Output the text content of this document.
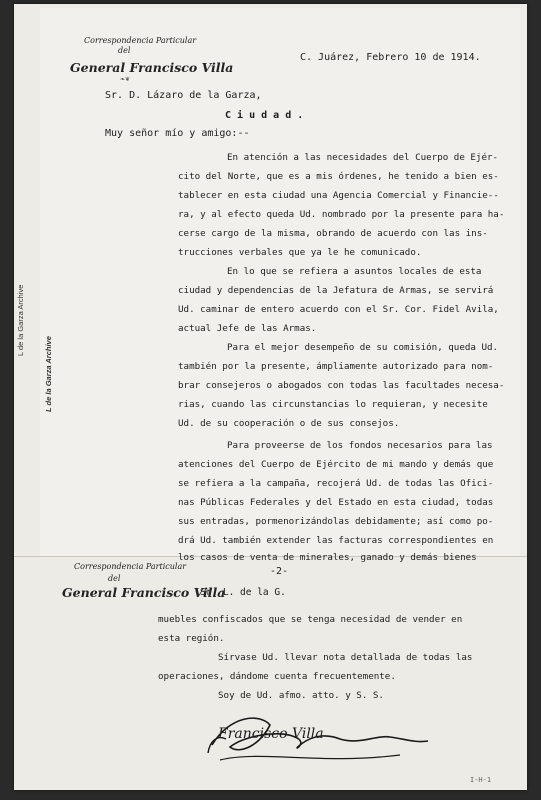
L de la Garza Archive
L de la Garza Archive
Correspondencia Particular
del
General Francisco Villa
❧❦
C. Juárez, Febrero 10 de 1914.
Sr. D. Lázaro de la Garza,
C i u d a d .
Muy señor mío y amigo:--
En atención a las necesidades del Cuerpo de Ejér-
cito del Norte, que es a mis órdenes, he tenido a bien es-
tablecer en esta ciudad una Agencia Comercial y Financie--
ra, y al efecto queda Ud. nombrado por la presente para ha-
cerse cargo de la misma, obrando de acuerdo con las ins-
trucciones verbales que ya le he comunicado.
En lo que se refiera a asuntos locales de esta
ciudad y dependencias de la Jefatura de Armas, se servirá
Ud. caminar de entero acuerdo con el Sr. Cor. Fidel Avila,
actual Jefe de las Armas.
Para el mejor desempeño de su comisión, queda Ud.
también por la presente, ámpliamente autorizado para nom-
brar consejeros o abogados con todas las facultades necesa-
rias, cuando las circunstancias lo requieran, y necesite
Ud. de su cooperación o de sus consejos.
Para proveerse de los fondos necesarios para las
atenciones del Cuerpo de Ejército de mi mando y demás que
se refiera a la campaña, recojerá Ud. de todas las Ofici-
nas Públicas Federales y del Estado en esta ciudad, todas
sus entradas, pormenorizándolas debidamente; así como po-
drá Ud. también extender las facturas correspondientes en
los casos de venta de minerales, ganado y demás bienes
Correspondencia Particular
del
General Francisco Villa
-2-
Sr. L. de la G.
muebles confiscados que se tenga necesidad de vender en
esta región.
Sírvase Ud. llevar nota detallada de todas las
operaciones, dándome cuenta frecuentemente.
Soy de Ud. afmo. atto. y S. S.
Francisco Villa
I-H-1
